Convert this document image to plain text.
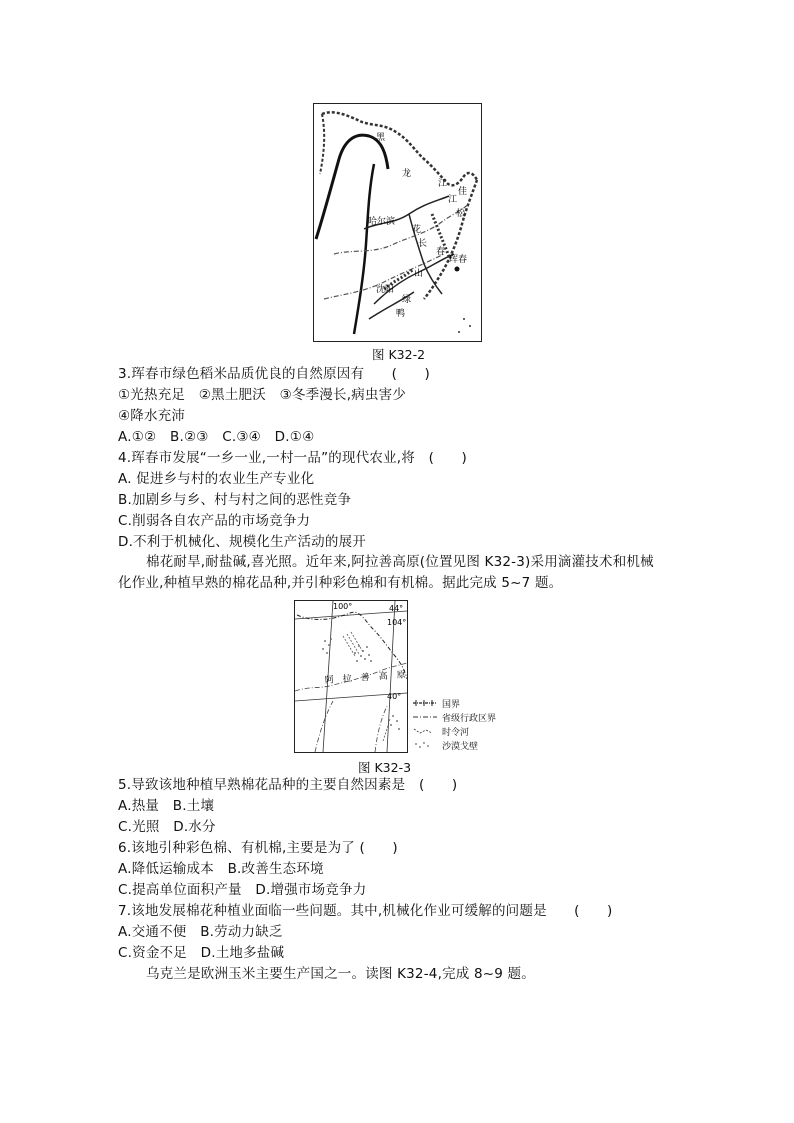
黑
龙
江
佳
哈尔滨
花
长
松
春
珲春
山
沈阳
绿
鸭
江
图 K32-2
3.珲春市绿色稻米品质优良的自然原因有　　(　　)
①光热充足　②黑土肥沃　③冬季漫长,病虫害少
④降水充沛
A.①②　B.②③　C.③④　D.①④
4.珲春市发展“一乡一业,一村一品”的现代农业,将　(　　)
A. 促进乡与村的农业生产专业化
B.加剧乡与乡、村与村之间的恶性竞争
C.削弱各自农产品的市场竞争力
D.不利于机械化、规模化生产活动的展开
棉花耐旱,耐盐碱,喜光照。近年来,阿拉善高原(位置见图 K32-3)采用滴灌技术和机械
化作业,种植早熟的棉花品种,并引种彩色棉和有机棉。据此完成 5~7 题。
100°
104°
44°
40°
阿　拉　善　高　原
国界
省级行政区界
时令河
沙漠戈壁
图 K32-3
5.导致该地种植早熟棉花品种的主要自然因素是　(　　)
A.热量　B.土壤
C.光照　D.水分
6.该地引种彩色棉、有机棉,主要是为了 (　　)
A.降低运输成本　B.改善生态环境
C.提高单位面积产量　D.增强市场竞争力
7.该地发展棉花种植业面临一些问题。其中,机械化作业可缓解的问题是　　(　　)
A.交通不便　B.劳动力缺乏
C.资金不足　D.土地多盐碱
乌克兰是欧洲玉米主要生产国之一。读图 K32-4,完成 8~9 题。
